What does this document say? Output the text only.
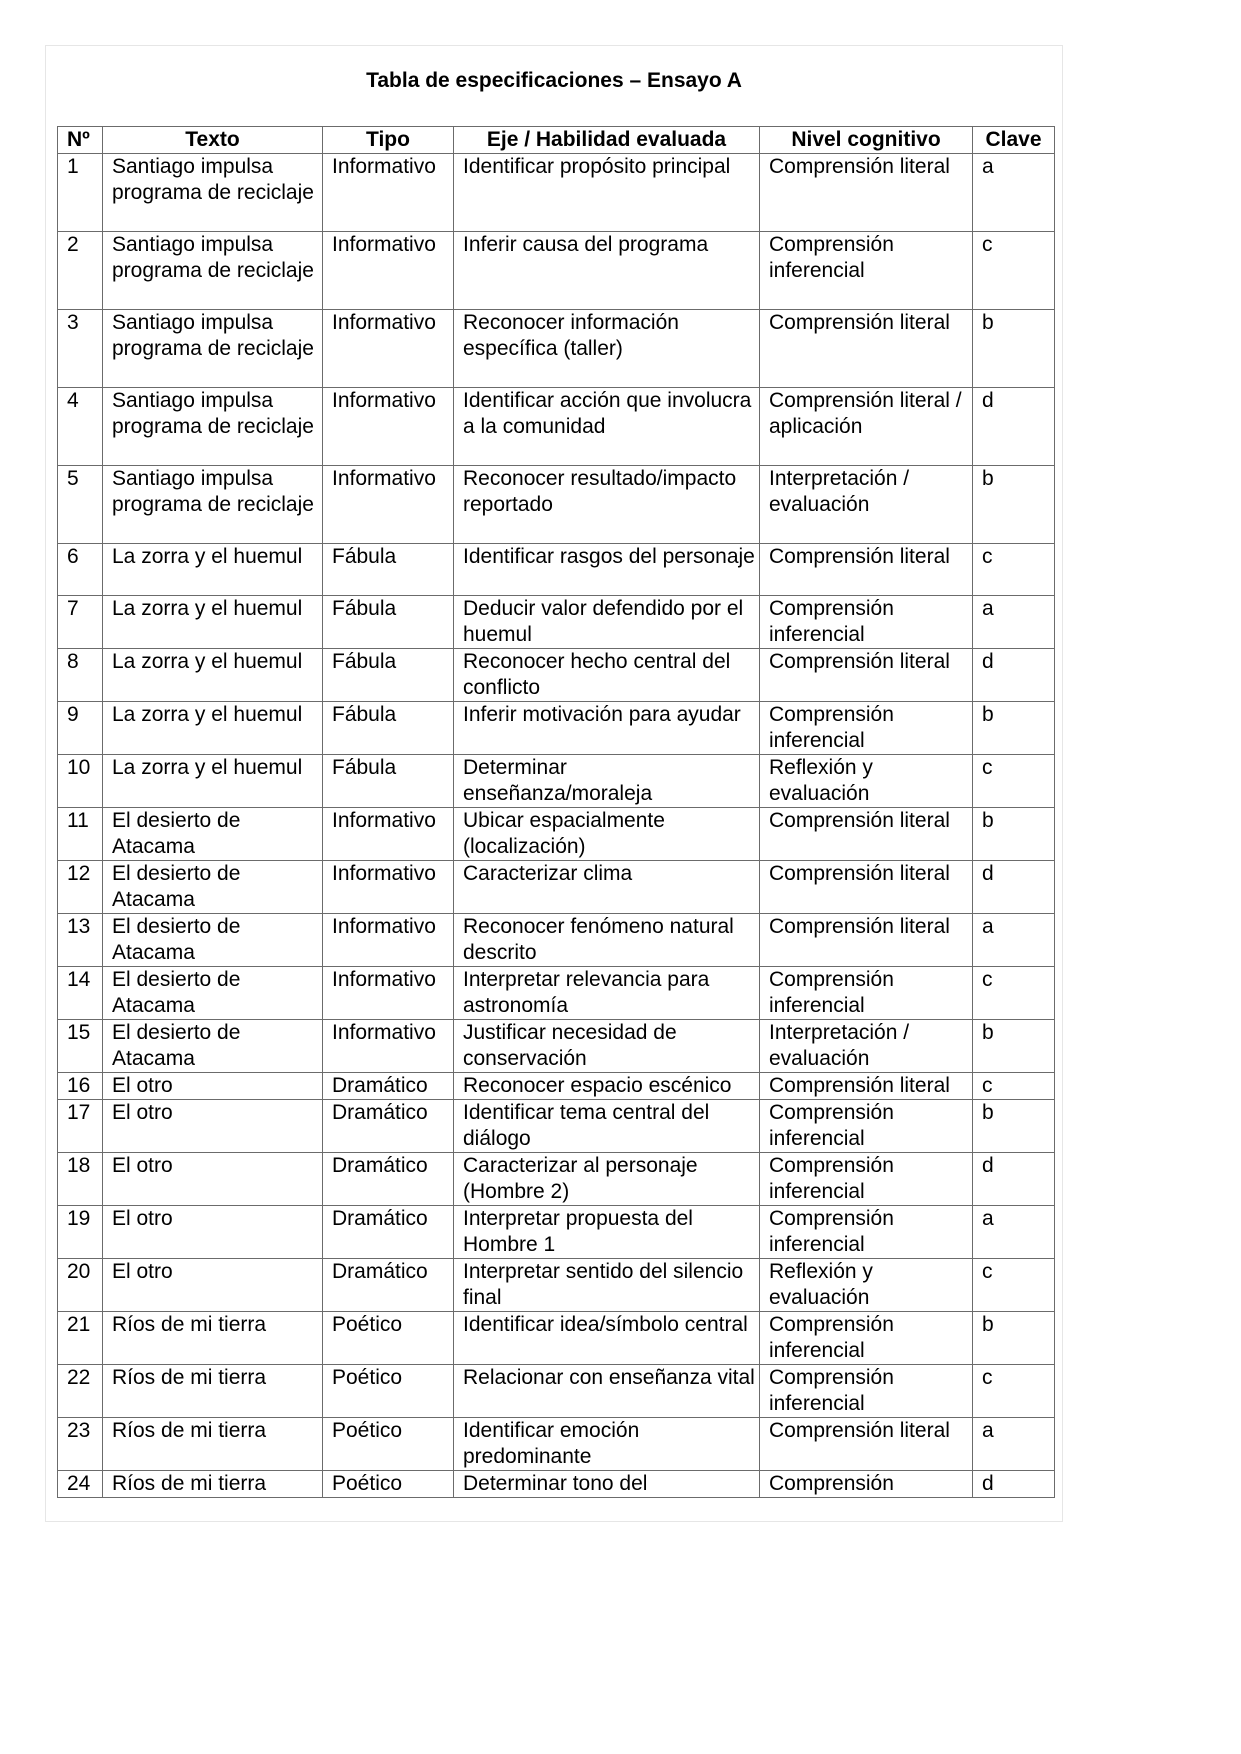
Tabla de especificaciones – Ensayo A
Nº	Texto	Tipo	Eje / Habilidad evaluada	Nivel cognitivo	Clave
1	Santiago impulsa programa de reciclaje	Informativo	Identificar propósito principal	Comprensión literal	a
2	Santiago impulsa programa de reciclaje	Informativo	Inferir causa del programa	Comprensión inferencial	c
3	Santiago impulsa programa de reciclaje	Informativo	Reconocer información específica (taller)	Comprensión literal	b
4	Santiago impulsa programa de reciclaje	Informativo	Identificar acción que involucra a la comunidad	Comprensión literal / aplicación	d
5	Santiago impulsa programa de reciclaje	Informativo	Reconocer resultado/impacto reportado	Interpretación / evaluación	b
6	La zorra y el huemul	Fábula	Identificar rasgos del personaje	Comprensión literal	c
7	La zorra y el huemul	Fábula	Deducir valor defendido por el huemul	Comprensión inferencial	a
8	La zorra y el huemul	Fábula	Reconocer hecho central del conflicto	Comprensión literal	d
9	La zorra y el huemul	Fábula	Inferir motivación para ayudar	Comprensión inferencial	b
10	La zorra y el huemul	Fábula	Determinar enseñanza/moraleja	Reflexión y evaluación	c
11	El desierto de Atacama	Informativo	Ubicar espacialmente (localización)	Comprensión literal	b
12	El desierto de Atacama	Informativo	Caracterizar clima	Comprensión literal	d
13	El desierto de Atacama	Informativo	Reconocer fenómeno natural descrito	Comprensión literal	a
14	El desierto de Atacama	Informativo	Interpretar relevancia para astronomía	Comprensión inferencial	c
15	El desierto de Atacama	Informativo	Justificar necesidad de conservación	Interpretación / evaluación	b
16	El otro	Dramático	Reconocer espacio escénico	Comprensión literal	c
17	El otro	Dramático	Identificar tema central del diálogo	Comprensión inferencial	b
18	El otro	Dramático	Caracterizar al personaje (Hombre 2)	Comprensión inferencial	d
19	El otro	Dramático	Interpretar propuesta del Hombre 1	Comprensión inferencial	a
20	El otro	Dramático	Interpretar sentido del silencio final	Reflexión y evaluación	c
21	Ríos de mi tierra	Poético	Identificar idea/símbolo central	Comprensión inferencial	b
22	Ríos de mi tierra	Poético	Relacionar con enseñanza vital	Comprensión inferencial	c
23	Ríos de mi tierra	Poético	Identificar emoción predominante	Comprensión literal	a
24	Ríos de mi tierra	Poético	Determinar tono del	Comprensión	d
